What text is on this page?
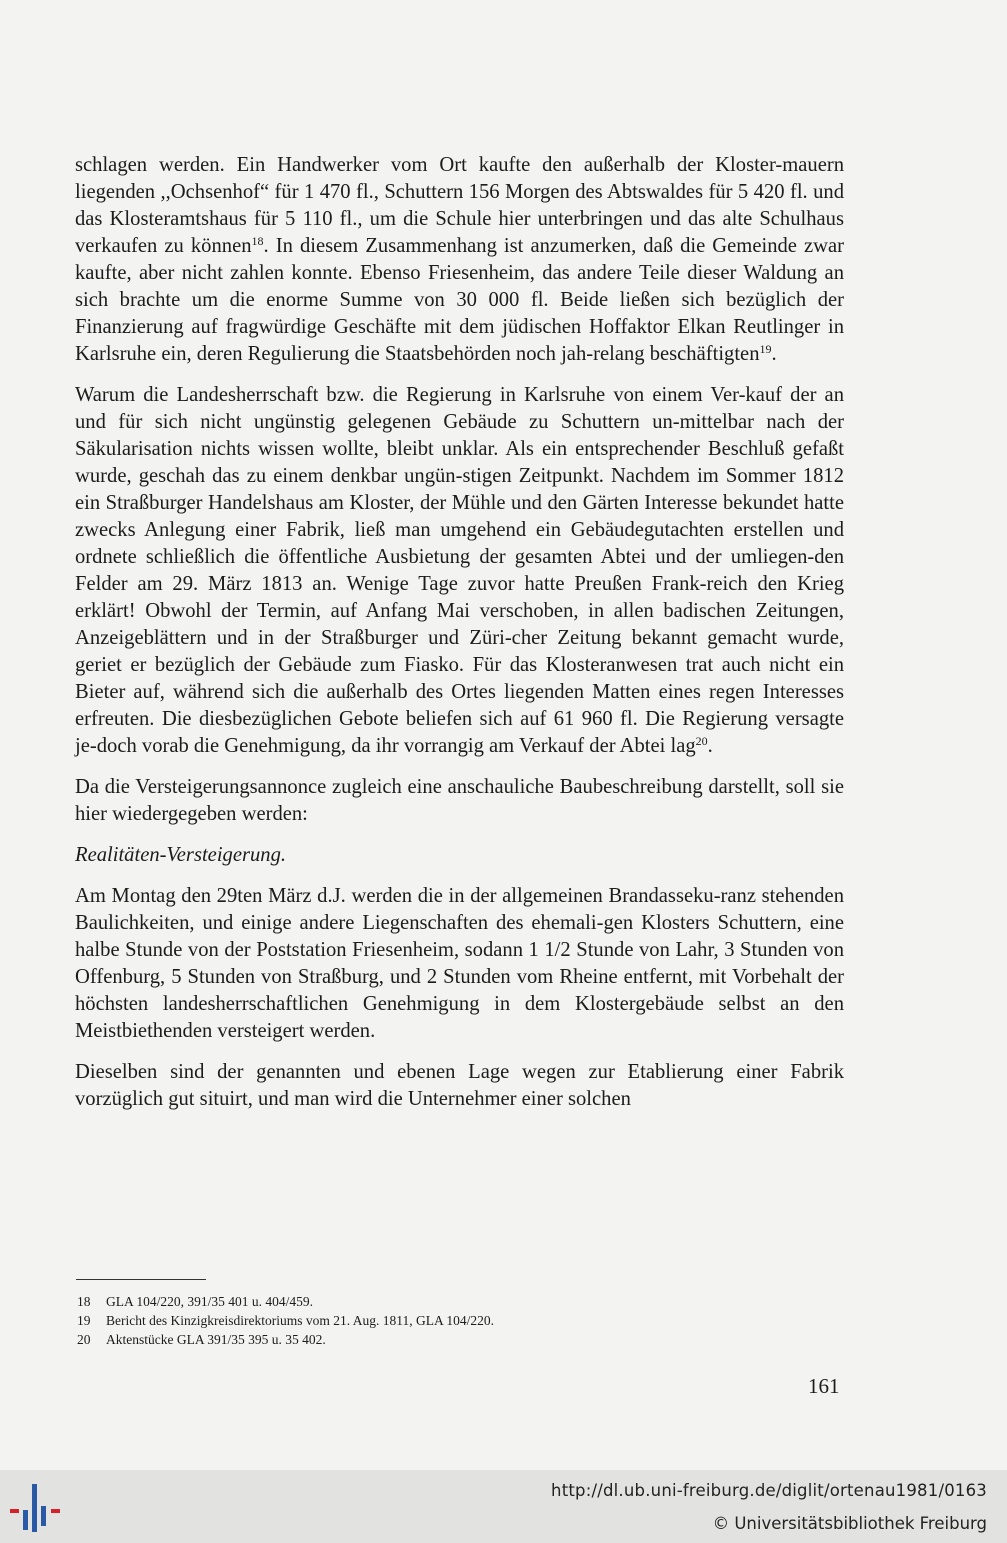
schlagen werden. Ein Handwerker vom Ort kaufte den außerhalb der Kloster-mauern liegenden ,,Ochsenhof“ für 1 470 fl., Schuttern 156 Morgen des Abtswaldes für 5 420 fl. und das Klosteramtshaus für 5 110 fl., um die Schule hier unterbringen und das alte Schulhaus verkaufen zu können$^{18}$. In diesem Zusammenhang ist anzumerken, daß die Gemeinde zwar kaufte, aber nicht zahlen konnte. Ebenso Friesenheim, das andere Teile dieser Waldung an sich brachte um die enorme Summe von 30 000 fl. Beide ließen sich bezüglich der Finanzierung auf fragwürdige Geschäfte mit dem jüdischen Hoffaktor Elkan Reutlinger in Karlsruhe ein, deren Regulierung die Staatsbehörden noch jah-relang beschäftigten$^{19}$.

Warum die Landesherrschaft bzw. die Regierung in Karlsruhe von einem Ver-kauf der an und für sich nicht ungünstig gelegenen Gebäude zu Schuttern un-mittelbar nach der Säkularisation nichts wissen wollte, bleibt unklar. Als ein entsprechender Beschluß gefaßt wurde, geschah das zu einem denkbar ungün-stigen Zeitpunkt. Nachdem im Sommer 1812 ein Straßburger Handelshaus am Kloster, der Mühle und den Gärten Interesse bekundet hatte zwecks Anlegung einer Fabrik, ließ man umgehend ein Gebäudegutachten erstellen und ordnete schließlich die öffentliche Ausbietung der gesamten Abtei und der umliegen-den Felder am 29. März 1813 an. Wenige Tage zuvor hatte Preußen Frank-reich den Krieg erklärt! Obwohl der Termin, auf Anfang Mai verschoben, in allen badischen Zeitungen, Anzeigeblättern und in der Straßburger und Züri-cher Zeitung bekannt gemacht wurde, geriet er bezüglich der Gebäude zum Fiasko. Für das Klosteranwesen trat auch nicht ein Bieter auf, während sich die außerhalb des Ortes liegenden Matten eines regen Interesses erfreuten. Die diesbezüglichen Gebote beliefen sich auf 61 960 fl. Die Regierung versagte je-doch vorab die Genehmigung, da ihr vorrangig am Verkauf der Abtei lag$^{20}$.

Da die Versteigerungsannonce zugleich eine anschauliche Baubeschreibung darstellt, soll sie hier wiedergegeben werden:

Realitäten-Versteigerung.

Am Montag den 29ten März d.J. werden die in der allgemeinen Brandasseku-ranz stehenden Baulichkeiten, und einige andere Liegenschaften des ehemali-gen Klosters Schuttern, eine halbe Stunde von der Poststation Friesenheim, sodann 1 1/2 Stunde von Lahr, 3 Stunden von Offenburg, 5 Stunden von Straßburg, und 2 Stunden vom Rheine entfernt, mit Vorbehalt der höchsten landesherrschaftlichen Genehmigung in dem Klostergebäude selbst an den Meistbiethenden versteigert werden.

Dieselben sind der genannten und ebenen Lage wegen zur Etablierung einer Fabrik vorzüglich gut situirt, und man wird die Unternehmer einer solchen

18	GLA 104/220, 391/35 401 u. 404/459.
19	Bericht des Kinzigkreisdirektoriums vom 21. Aug. 1811, GLA 104/220.
20	Aktenstücke GLA 391/35 395 u. 35 402.
161
http://dl.ub.uni-freiburg.de/diglit/ortenau1981/0163
© Universitätsbibliothek Freiburg
